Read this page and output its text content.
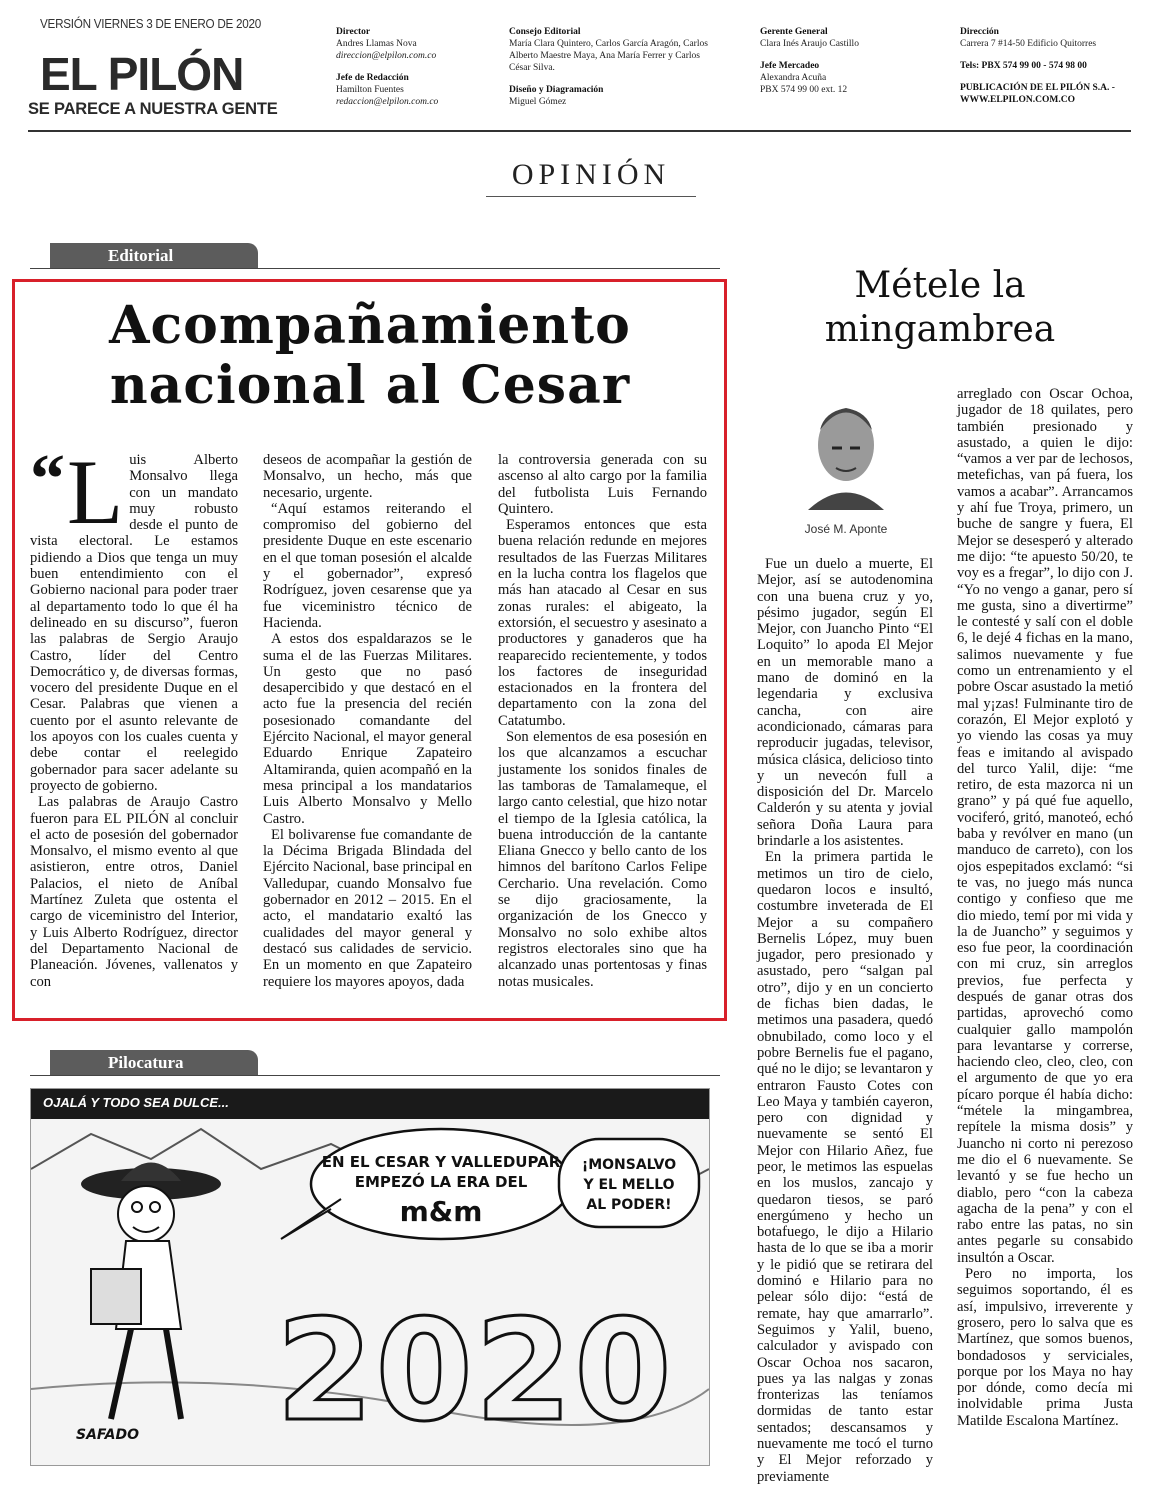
VERSIÓN VIERNES 3 DE ENERO DE 2020
EL PILÓN
SE PARECE A NUESTRA GENTE
Director
Andres Llamas Nova
direccion@elpilon.com.co
Jefe de Redacción
Hamilton Fuentes
redaccion@elpilon.com.co
Consejo Editorial
María Clara Quintero, Carlos García Aragón, Carlos Alberto Maestre Maya, Ana María Ferrer y Carlos César Silva.
Diseño y Diagramación
Miguel Gómez
Gerente General
Clara Inés Araujo Castillo
Jefe Mercadeo
Alexandra Acuña
PBX 574 99 00 ext. 12
Dirección
Carrera 7 #14-50 Edificio Quitorres
Tels: PBX 574 99 00 - 574 98 00
PUBLICACIÓN DE EL PILÓN S.A. - WWW.ELPILON.COM.CO
OPINIÓN
Editorial
Acompañamiento
nacional al Cesar
“ L uis Alberto Monsalvo llega con un mandato muy robusto desde el punto de vista electoral. Le estamos pidiendo a Dios que tenga un muy buen entendimiento con el Gobierno nacional para poder traer al departamento todo lo que él ha delineado en su discurso”, fueron las palabras de Sergio Araujo Castro, líder del Centro Democrático y, de diversas formas, vocero del presidente Duque en el Cesar. Palabras que vienen a cuento por el asunto relevante de los apoyos con los cuales cuenta y debe contar el reelegido gobernador para sacer adelante su proyecto de gobierno.

Las palabras de Araujo Castro fueron para EL PILÓN al concluir el acto de posesión del gobernador Monsalvo, el mismo evento al que asistieron, entre otros, Daniel Palacios, el nieto de Aníbal Martínez Zuleta que ostenta el cargo de viceministro del Interior, y Luis Alberto Rodríguez, director del Departamento Nacional de Planeación. Jóvenes, vallenatos y con

deseos de acompañar la gestión de Monsalvo, un hecho, más que necesario, urgente.

“Aquí estamos reiterando el compromiso del gobierno del presidente Duque en este escenario en el que toman posesión el alcalde y el gobernador”, expresó Rodríguez, joven cesarense que ya fue viceministro técnico de Hacienda.

A estos dos espaldarazos se le suma el de las Fuerzas Militares. Un gesto que no pasó desapercibido y que destacó en el acto fue la presencia del recién posesionado comandante del Ejército Nacional, el mayor general Eduardo Enrique Zapateiro Altamiranda, quien acompañó en la mesa principal a los mandatarios Luis Alberto Monsalvo y Mello Castro.

El bolivarense fue comandante de la Décima Brigada Blindada del Ejército Nacional, base principal en Valledupar, cuando Monsalvo fue gobernador en 2012 – 2015. En el acto, el mandatario exaltó las cualidades del mayor general y destacó sus calidades de servicio. En un momento en que Zapateiro requiere los mayores apoyos, dada

la controversia generada con su ascenso al alto cargo por la familia del futbolista Luis Fernando Quintero.

Esperamos entonces que esta buena relación redunde en mejores resultados de las Fuerzas Militares en la lucha contra los flagelos que más han atacado al Cesar en sus zonas rurales: el abigeato, la extorsión, el secuestro y asesinato a productores y ganaderos que ha reaparecido recientemente, y todos los factores de inseguridad estacionados en la frontera del departamento con la zona del Catatumbo.

Son elementos de esa posesión en los que alcanzamos a escuchar justamente los sonidos finales de las tamboras de Tamalameque, el largo canto celestial, que hizo notar el tiempo de la Iglesia católica, la buena introducción de la cantante Eliana Gnecco y bello canto de los himnos del barítono Carlos Felipe Cerchario. Una revelación. Como se dijo graciosamente, la organización de los Gnecco y Monsalvo no solo exhibe altos registros electorales sino que ha alcanzado unas portentosas y finas notas musicales.

Pilocatura
OJALÁ Y TODO SEA DULCE...
2020
EN EL CESAR Y VALLEDUPAR
EMPEZÓ LA ERA DEL
m&m
¡MONSALVO
Y EL MELLO
AL PODER!
SAFADO
Métele la
mingambrea
José M. Aponte

Fue un duelo a muerte, El Mejor, así se autodenomina con una buena cruz y yo, pésimo jugador, según El Mejor, con Juancho Pinto “El Loquito” lo apoda El Mejor en un memorable mano a mano de dominó en la legendaria y exclusiva cancha, con aire acondicionado, cámaras para reproducir jugadas, televisor, música clásica, delicioso tinto y un nevecón full a disposición del Dr. Marcelo Calderón y su atenta y jovial señora Doña Laura para brindarle a los asistentes.

En la primera partida le metimos un tiro de cielo, quedaron locos e insultó, costumbre inveterada de El Mejor a su compañero Bernelis López, muy buen jugador, pero presionado y asustado, pero “salgan pal otro”, dijo y en un concierto de fichas bien dadas, le metimos una pasadera, quedó obnubilado, como loco y el pobre Bernelis fue el pagano, qué no le dijo; se levantaron y entraron Fausto Cotes con Leo Maya y también cayeron, pero con dignidad y nuevamente se sentó El Mejor con Hilario Añez, fue peor, le metimos las espuelas en los muslos, zancajo y quedaron tiesos, se paró energúmeno y hecho un botafuego, le dijo a Hilario hasta de lo que se iba a morir y le pidió que se retirara del dominó e Hilario para no pelear sólo dijo: “está de remate, hay que amarrarlo”. Seguimos y Yalil, bueno, calculador y avispado con Oscar Ochoa nos sacaron, pues ya las nalgas y zonas fronterizas las teníamos dormidas de tanto estar sentados; descansamos y nuevamente me tocó el turno y El Mejor reforzado y previamente

arreglado con Oscar Ochoa, jugador de 18 quilates, pero también presionado y asustado, a quien le dijo: “vamos a ver par de lechosos, metefichas, van pá fuera, los vamos a acabar”. Arrancamos y ahí fue Troya, primero, un buche de sangre y fuera, El Mejor se desesperó y alterado me dijo: “te apuesto 50/20, te voy es a fregar”, lo dijo con J. “Yo no vengo a ganar, pero sí me gusta, sino a divertirme” le contesté y salí con el doble 6, le dejé 4 fichas en la mano, salimos nuevamente y fue como un entrenamiento y el pobre Oscar asustado la metió mal y¡zas! Fulminante tiro de corazón, El Mejor explotó y yo viendo las cosas ya muy feas e imitando al avispado del turco Yalil, dije: “me retiro, de esta mazorca ni un grano” y pá qué fue aquello, vociferó, gritó, manoteó, echó baba y revólver en mano (un manduco de carreto), con los ojos espepitados exclamó: “si te vas, no juego más nunca contigo y confieso que me dio miedo, temí por mi vida y la de Juancho” y seguimos y eso fue peor, la coordinación con mi cruz, sin arreglos previos, fue perfecta y después de ganar otras dos partidas, aprovechó como cualquier gallo mampolón para levantarse y correrse, haciendo cleo, cleo, cleo, con el argumento de que yo era pícaro porque él había dicho: “métele la mingambrea, repítele la misma dosis” y Juancho ni corto ni perezoso me dio el 6 nuevamente. Se levantó y se fue hecho un diablo, pero “con la cabeza agacha de la pena” y con el rabo entre las patas, no sin antes pegarle su consabido insultón a Oscar.

Pero no importa, los seguimos soportando, él es así, impulsivo, irreverente y grosero, pero lo salva que es Martínez, que somos buenos, bondadosos y serviciales, porque por los Maya no hay por dónde, como decía mi inolvidable prima Justa Matilde Escalona Martínez.
